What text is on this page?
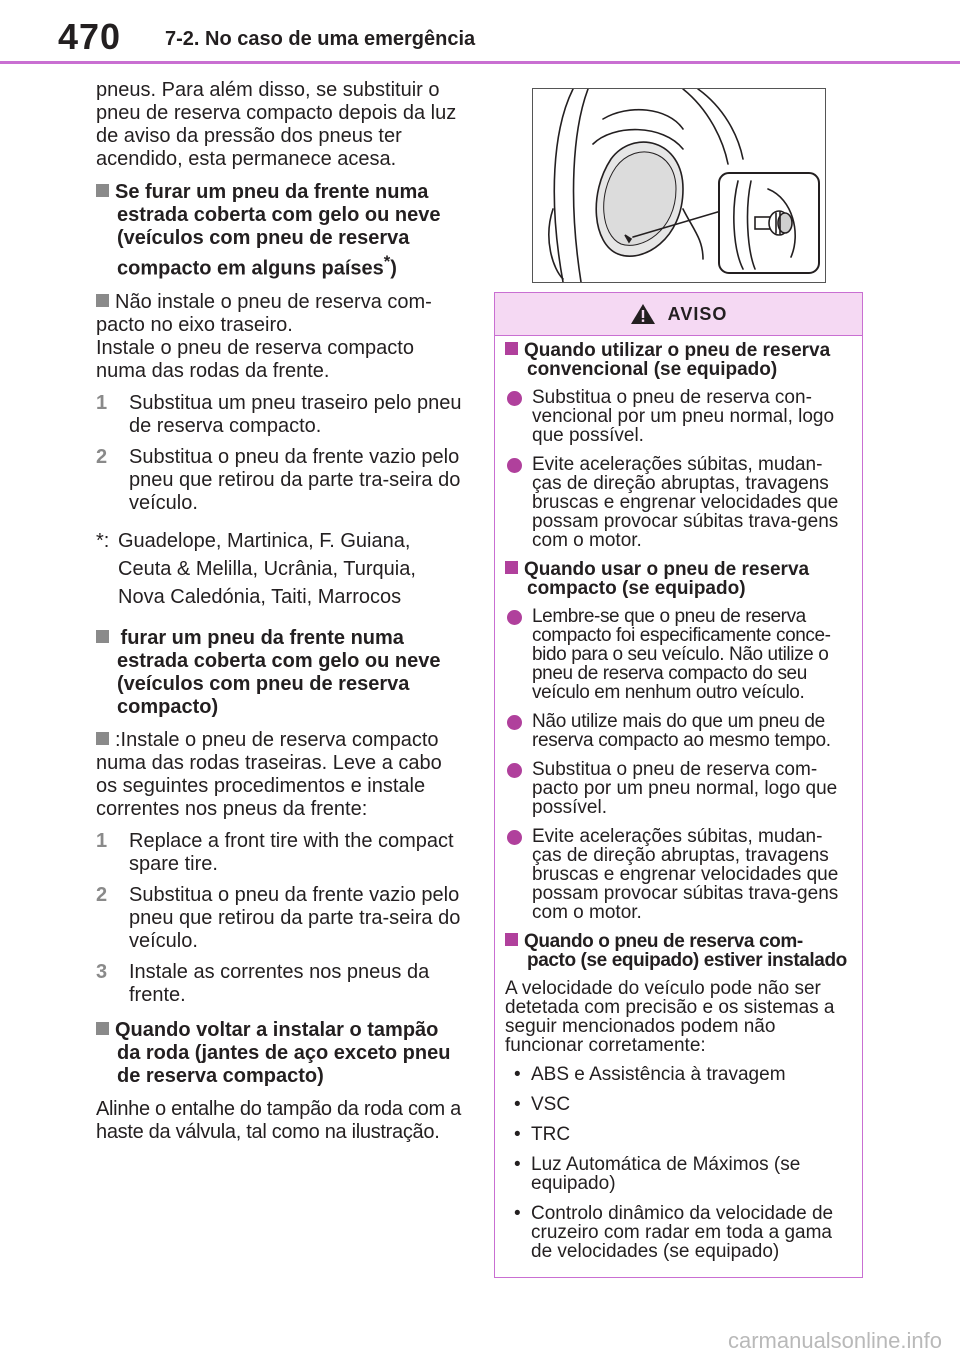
470 7-2. No caso de uma emergência

pneus. Para além disso, se substituir o pneu de reserva compacto depois da luz de aviso da pressão dos pneus ter acendido, esta permanece acesa.

Se furar um pneu da frente numa estrada coberta com gelo ou neve (veículos com pneu de reserva compacto em alguns países*)

Não instale o pneu de reserva com-pacto no eixo traseiro.

Instale o pneu de reserva compacto numa das rodas da frente.

1 Substitua um pneu traseiro pelo pneu de reserva compacto.
2 Substitua o pneu da frente vazio pelo pneu que retirou da parte tra-seira do veículo.
*: Guadelope, Martinica, F. Guiana,
Ceuta & Melilla, Ucrânia, Turquia,
Nova Caledónia, Taiti, Marrocos

furar um pneu da frente numa estrada coberta com gelo ou neve (veículos com pneu de reserva compacto)

:Instale o pneu de reserva compacto numa das rodas traseiras. Leve a cabo os seguintes procedimentos e instale correntes nos pneus da frente:

1 Replace a front tire with the compact spare tire.
2 Substitua o pneu da frente vazio pelo pneu que retirou da parte tra-seira do veículo.
3 Instale as correntes nos pneus da frente.

Quando voltar a instalar o tampão da roda (jantes de aço exceto pneu de reserva compacto)

Alinhe o entalhe do tampão da roda com a haste da válvula, tal como na ilustração.

AVISO

Quando utilizar o pneu de reserva convencional (se equipado)

Substitua o pneu de reserva con-vencional por um pneu normal, logo que possível.
Evite acelerações súbitas, mudan-ças de direção abruptas, travagens bruscas e engrenar velocidades que possam provocar súbitas trava-gens com o motor.

Quando usar o pneu de reserva compacto (se equipado)

Lembre-se que o pneu de reserva compacto foi especificamente conce-bido para o seu veículo. Não utilize o pneu de reserva compacto do seu veículo em nenhum outro veículo.
Não utilize mais do que um pneu de reserva compacto ao mesmo tempo.
Substitua o pneu de reserva com-pacto por um pneu normal, logo que possível.
Evite acelerações súbitas, mudan-ças de direção abruptas, travagens bruscas e engrenar velocidades que possam provocar súbitas trava-gens com o motor.

Quando o pneu de reserva com-pacto (se equipado) estiver instalado

A velocidade do veículo pode não ser detetada com precisão e os sistemas a seguir mencionados podem não funcionar corretamente:

• ABS e Assistência à travagem
• VSC
• TRC
• Luz Automática de Máximos (se equipado)
• Controlo dinâmico da velocidade de cruzeiro com radar em toda a gama de velocidades (se equipado)
carmanualsonline.info
